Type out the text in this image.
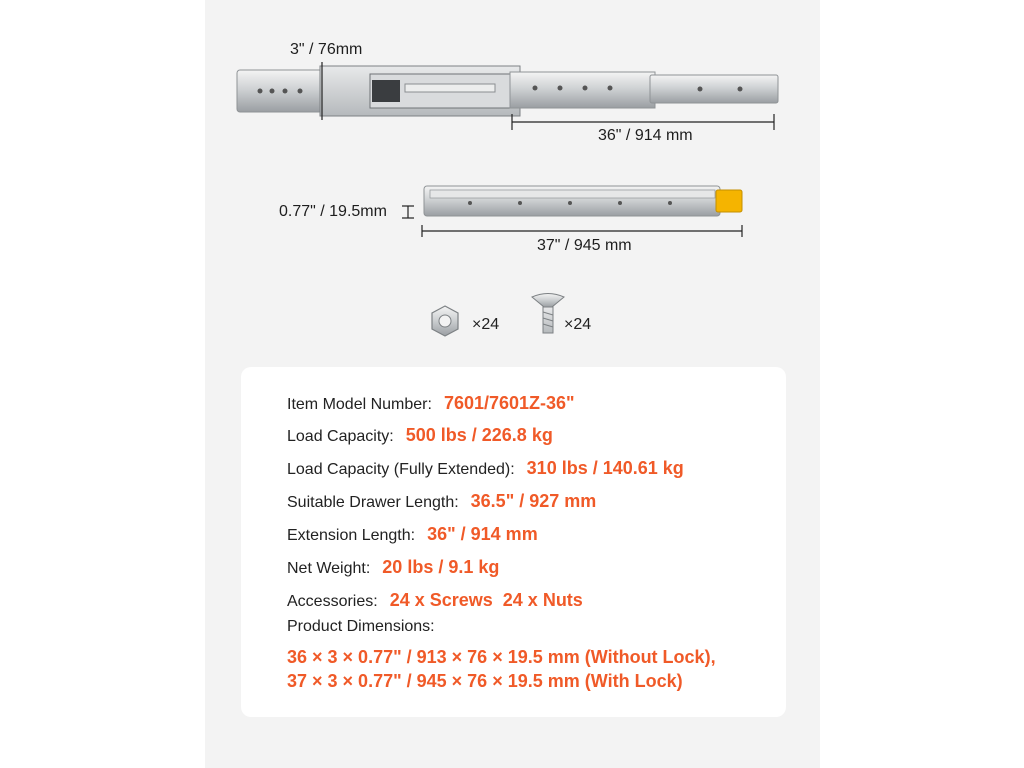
3" / 76mm
36" / 914 mm
0.77" / 19.5mm
37" / 945 mm
×24	×24
Item Model Number: 7601/7601Z-36"
Load Capacity: 500 lbs / 226.8 kg
Load Capacity (Fully Extended): 310 lbs / 140.61 kg
Suitable Drawer Length: 36.5" / 927 mm
Extension Length: 36" / 914 mm
Net Weight: 20 lbs / 9.1 kg
Accessories: 24 x Screws 24 x Nuts
Product Dimensions:
36 × 3 × 0.77" / 913 × 76 × 19.5 mm (Without Lock),
37 × 3 × 0.77" / 945 × 76 × 19.5 mm (With Lock)
